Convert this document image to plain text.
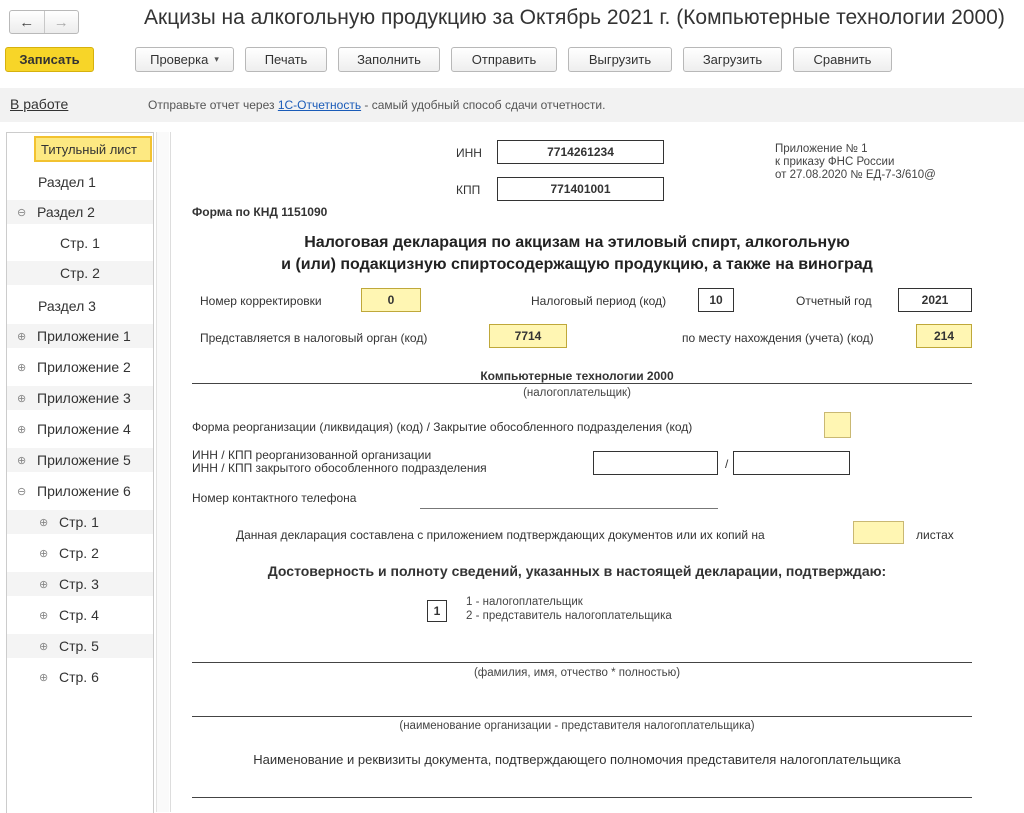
←	→	Акцизы на алкогольную продукцию за Октябрь 2021 г. (Компьютерные технологии 2000)
Записать	Проверка ▾	Печать	Заполнить	Отправить	Выгрузить	Загрузить	Сравнить
В работе	Отправьте отчет через 1С-Отчетность - самый удобный способ сдачи отчетности.
Титульный лист
Раздел 1
⊖ Раздел 2
Стр. 1
Стр. 2
Раздел 3
⊕ Приложение 1
⊕ Приложение 2
⊕ Приложение 3
⊕ Приложение 4
⊕ Приложение 5
⊖ Приложение 6
⊕ Стр. 1
⊕ Стр. 2
⊕ Стр. 3
⊕ Стр. 4
⊕ Стр. 5
⊕ Стр. 6
ИНН	7714261234
КПП	771401001
Приложение № 1
к приказу ФНС России
от 27.08.2020 № ЕД-7-3/610@
Форма по КНД 1151090
Налоговая декларация по акцизам на этиловый спирт, алкогольную
и (или) подакцизную спиртосодержащую продукцию, а также на виноград
Номер корректировки	0	Налоговый период (код)	10	Отчетный год	2021
Представляется в налоговый орган (код)	7714	по месту нахождения (учета) (код)	214
Компьютерные технологии 2000
(налогоплательщик)
Форма реорганизации (ликвидация) (код) / Закрытие обособленного подразделения (код)
ИНН / КПП реорганизованной организации
ИНН / КПП закрытого обособленного подразделения	/
Номер контактного телефона
Данная декларация составлена с приложением подтверждающих документов или их копий на	листах
Достоверность и полноту сведений, указанных в настоящей декларации, подтверждаю:
1
1 - налогоплательщик
2 - представитель налогоплательщика
(фамилия, имя, отчество * полностью)
(наименование организации - представителя налогоплательщика)
Наименование и реквизиты документа, подтверждающего полномочия представителя налогоплательщика
